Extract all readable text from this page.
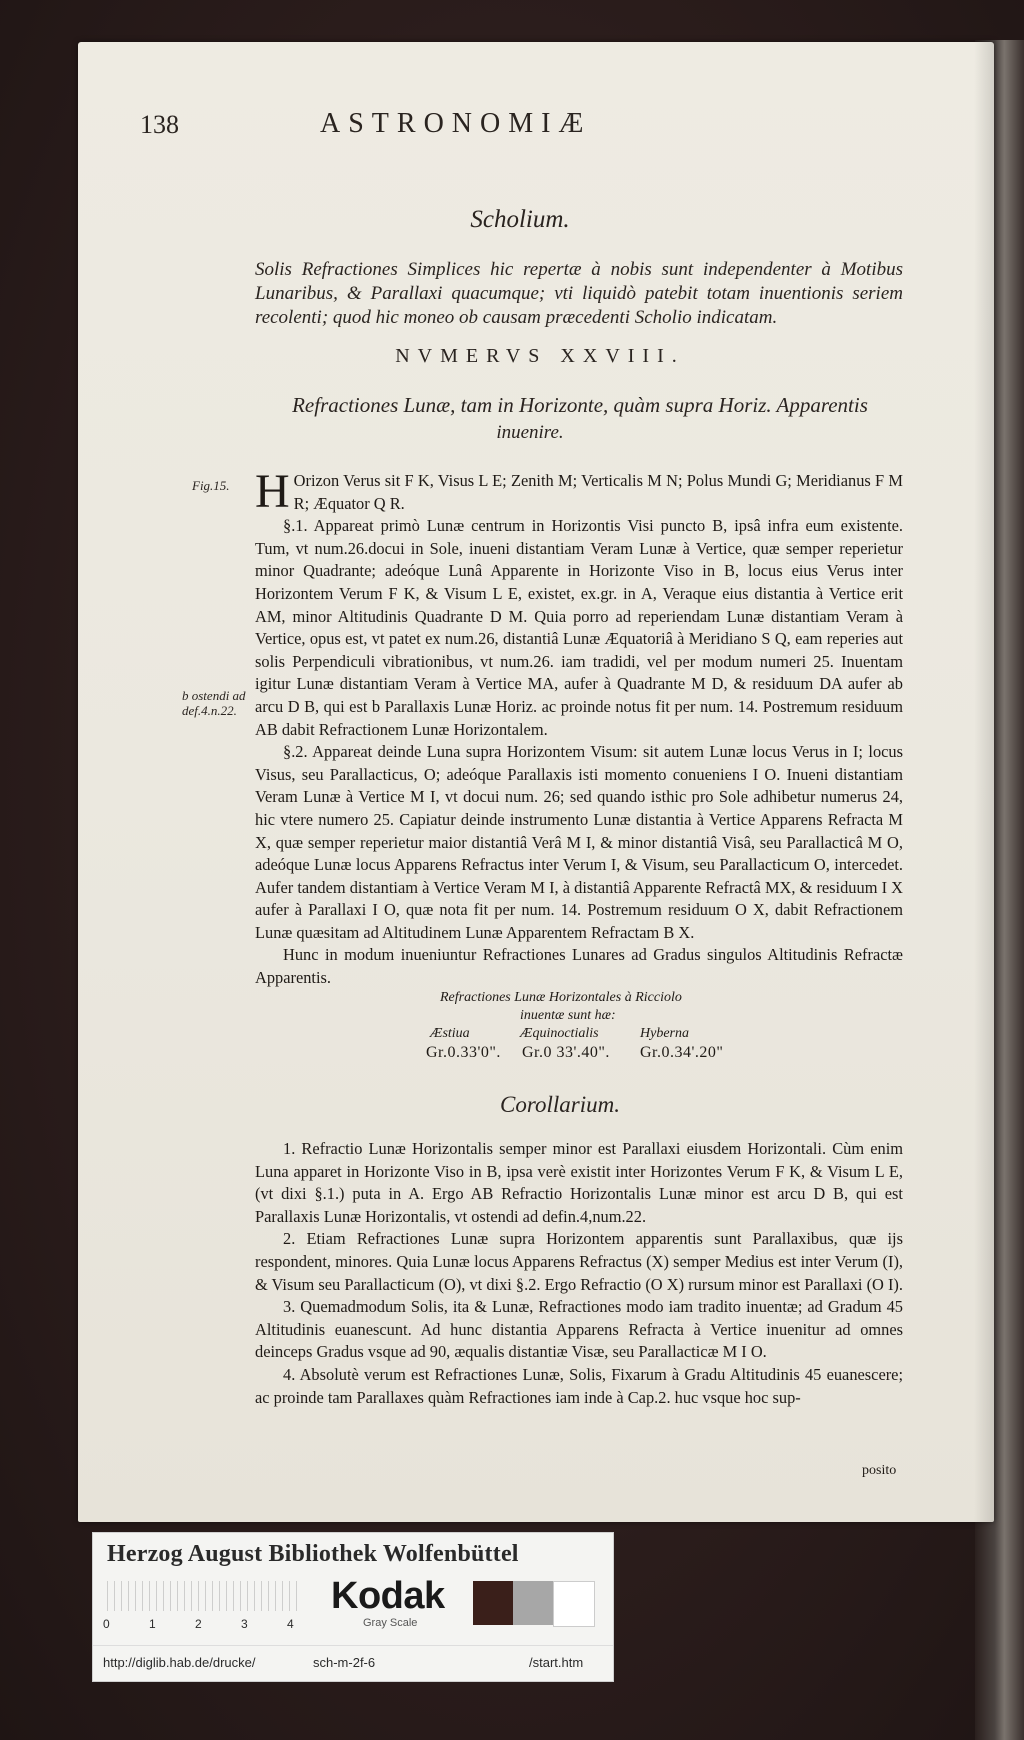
138	ASTRONOMIÆ
Scholium.
Solis Refractiones Simplices hic repertæ à nobis sunt independenter à Motibus Lunaribus, & Parallaxi quacumque; vti liquidò patebit totam inuentionis seriem recolenti; quod hic moneo ob causam præcedenti Scholio indicatam.
NVMERVS XXVIII.
Refractiones Lunæ, tam in Horizonte, quàm supra Horiz. Apparentis
inuenire.
Fig.15.
b ostendi ad def.4.n.22.

H Orizon Verus sit F K, Visus L E; Zenith M; Verticalis M N; Polus Mundi G; Meridianus F M R; Æquator Q R.

§.1. Appareat primò Lunæ centrum in Horizontis Visi puncto B, ipsâ infra eum existente. Tum, vt num.26.docui in Sole, inueni distantiam Veram Lunæ à Vertice, quæ semper reperietur minor Quadrante; adeóque Lunâ Apparente in Horizonte Viso in B, locus eius Verus inter Horizontem Verum F K, & Visum L E, existet, ex.gr. in A, Veraque eius distantia à Vertice erit AM, minor Altitudinis Quadrante D M. Quia porro ad reperiendam Lunæ distantiam Veram à Vertice, opus est, vt patet ex num.26, distantiâ Lunæ Æquatoriâ à Meridiano S Q, eam reperies aut solis Perpendiculi vibrationibus, vt num.26. iam tradidi, vel per modum numeri 25. Inuentam igitur Lunæ distantiam Veram à Vertice MA, aufer à Quadrante M D, & residuum DA aufer ab arcu D B, qui est b Parallaxis Lunæ Horiz. ac proinde notus fit per num. 14. Postremum residuum AB dabit Refractionem Lunæ Horizontalem.

§.2. Appareat deinde Luna supra Horizontem Visum: sit autem Lunæ locus Verus in I; locus Visus, seu Parallacticus, O; adeóque Parallaxis isti momento conueniens I O. Inueni distantiam Veram Lunæ à Vertice M I, vt docui num. 26; sed quando isthic pro Sole adhibetur numerus 24, hic vtere numero 25. Capiatur deinde instrumento Lunæ distantia à Vertice Apparens Refracta M X, quæ semper reperietur maior distantiâ Verâ M I, & minor distantiâ Visâ, seu Parallacticâ M O, adeóque Lunæ locus Apparens Refractus inter Verum I, & Visum, seu Parallacticum O, intercedet. Aufer tandem distantiam à Vertice Veram M I, à distantiâ Apparente Refractâ MX, & residuum I X aufer à Parallaxi I O, quæ nota fit per num. 14. Postremum residuum O X, dabit Refractionem Lunæ quæsitam ad Altitudinem Lunæ Apparentem Refractam B X.

Hunc in modum inueniuntur Refractiones Lunares ad Gradus singulos Altitudinis Refractæ Apparentis.

Refractiones Lunæ Horizontales à Ricciolo
inuentæ sunt hæ:
Æstiua	Æquinoctialis	Hyberna
Gr.0.33'0". Gr.0 33'.40". Gr.0.34'.20"
Corollarium.

1. Refractio Lunæ Horizontalis semper minor est Parallaxi eiusdem Horizontali. Cùm enim Luna apparet in Horizonte Viso in B, ipsa verè existit inter Horizontes Verum F K, & Visum L E, (vt dixi §.1.) puta in A. Ergo AB Refractio Horizontalis Lunæ minor est arcu D B, qui est Parallaxis Lunæ Horizontalis, vt ostendi ad defin.4,num.22.

2. Etiam Refractiones Lunæ supra Horizontem apparentis sunt Parallaxibus, quæ ijs respondent, minores. Quia Lunæ locus Apparens Refractus (X) semper Medius est inter Verum (I), & Visum seu Parallacticum (O), vt dixi §.2. Ergo Refractio (O X) rursum minor est Parallaxi (O I).

3. Quemadmodum Solis, ita & Lunæ, Refractiones modo iam tradito inuentæ; ad Gradum 45 Altitudinis euanescunt. Ad hunc distantia Apparens Refracta à Vertice inuenitur ad omnes deinceps Gradus vsque ad 90, æqualis distantiæ Visæ, seu Parallacticæ M I O.

4. Absolutè verum est Refractiones Lunæ, Solis, Fixarum à Gradu Altitudinis 45 euanescere; ac proinde tam Parallaxes quàm Refractiones iam inde à Cap.2. huc vsque hoc sup-

posito
Herzog August Bibliothek Wolfenbüttel
0	1	2	3	4
Kodak
Gray Scale
http://diglib.hab.de/drucke/	sch-m-2f-6	/start.htm
